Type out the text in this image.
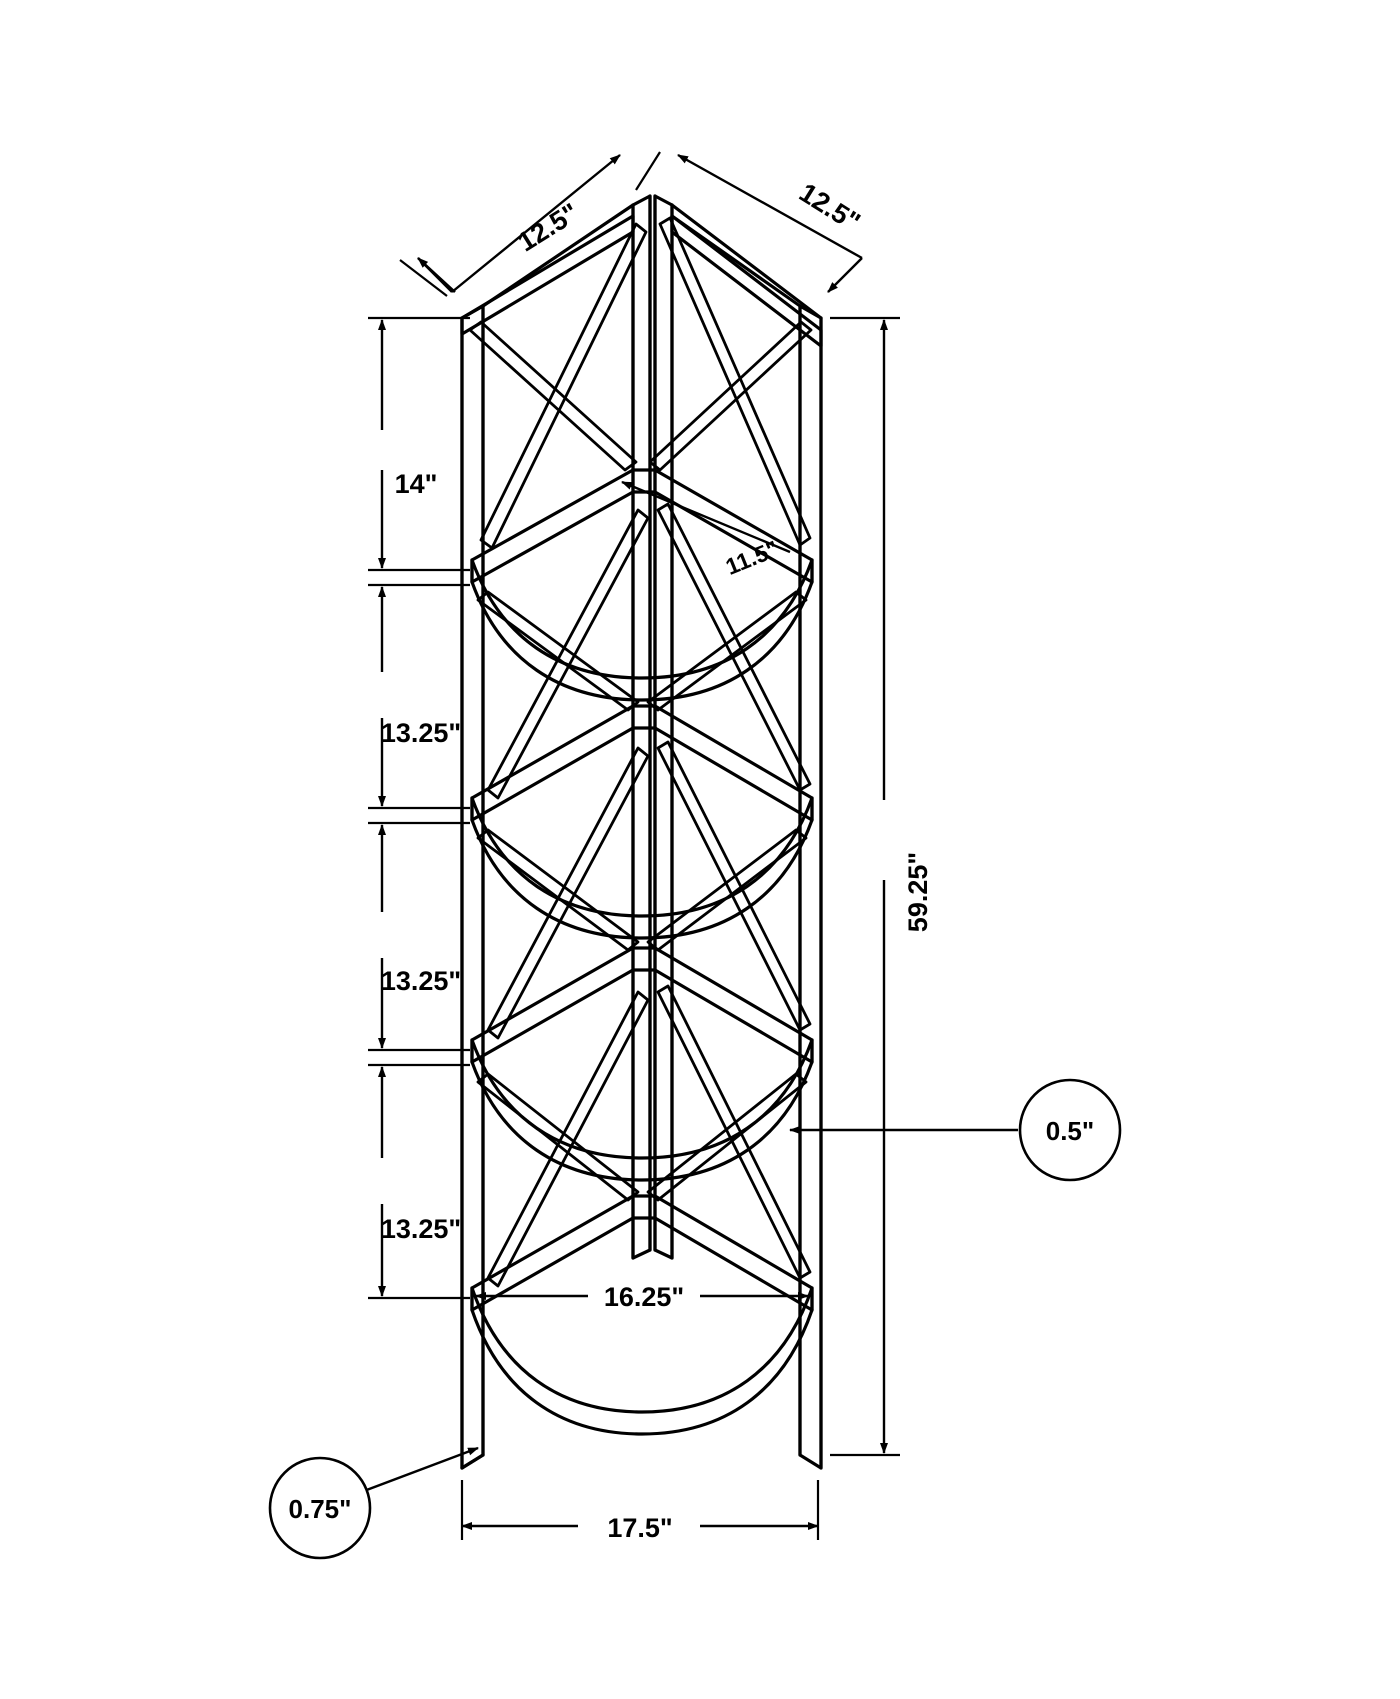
12.5"	12.5"
14"
13.25"
13.25"
13.25"
59.25"
11.5"
16.25"
17.5"
0.5"
0.75"
